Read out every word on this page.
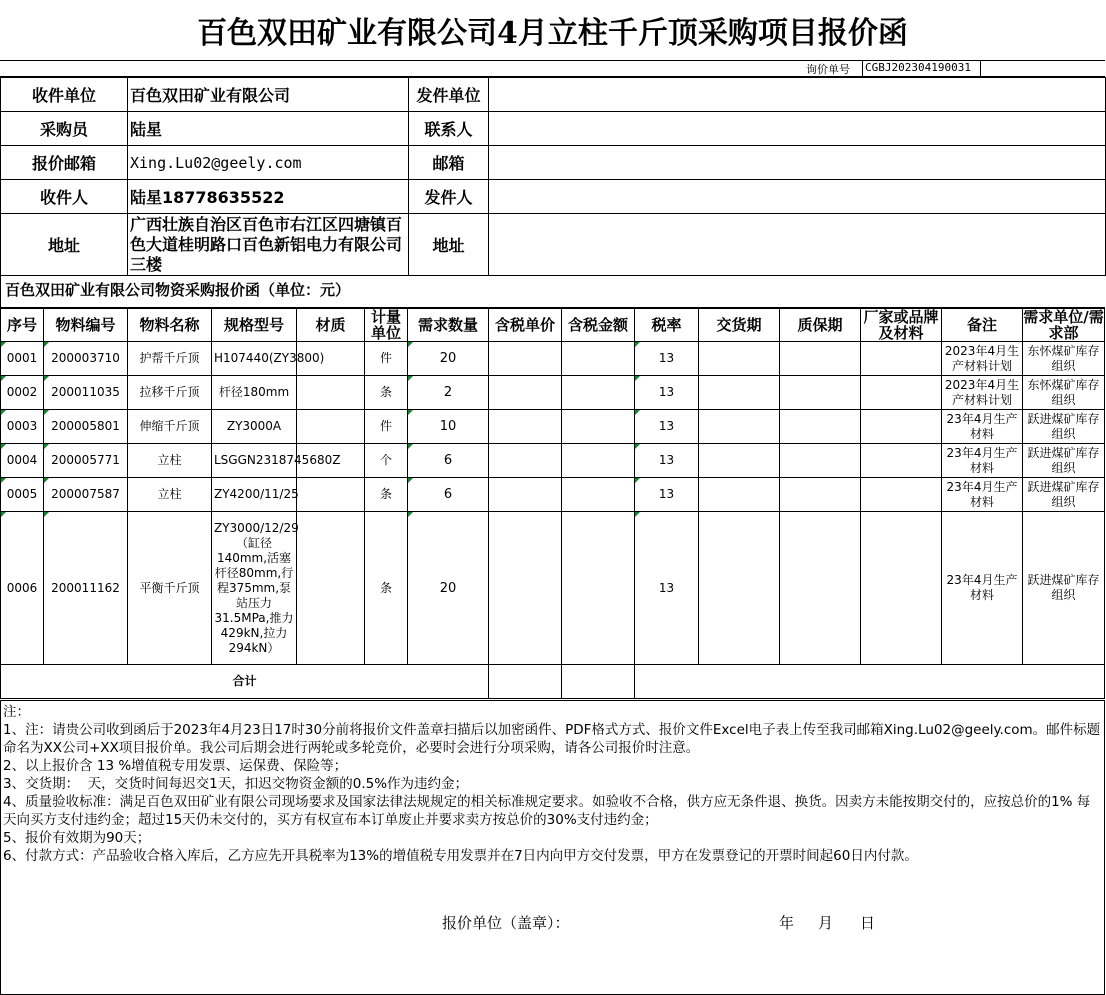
百色双田矿业有限公司4月立柱千斤顶采购项目报价函
询价单号 CGBJ202304190031
收件单位	百色双田矿业有限公司	发件单位	
采购员	陆星	联系人	
报价邮箱	Xing.Lu02@geely.com	邮箱	
收件人	陆星18778635522	发件人	
地址	广西壮族自治区百色市右江区四塘镇百色大道桂明路口百色新铝电力有限公司三楼	地址	
百色双田矿业有限公司物资采购报价函（单位：元）
序号	物料编号	物料名称	规格型号	材质	计量单位	需求数量	含税单价	含税金额	税率	交货期	质保期	厂家或品牌及材料	备注	需求单位/需求部
0001	200003710	护帮千斤顶	H107440(ZY3800)		件	20			13				2023年4月生产材料计划	东怀煤矿库存组织
0002	200011035	拉移千斤顶	杆径180mm		条	2			13				2023年4月生产材料计划	东怀煤矿库存组织
0003	200005801	伸缩千斤顶	ZY3000A		件	10			13				23年4月生产材料	跃进煤矿库存组织
0004	200005771	立柱	LSGGN2318745680Z		个	6			13				23年4月生产材料	跃进煤矿库存组织
0005	200007587	立柱	ZY4200/11/25		条	6			13				23年4月生产材料	跃进煤矿库存组织
0006	200011162	平衡千斤顶	ZY3000/12/29（缸径140mm,活塞杆径80mm,行程375mm,泵站压力31.5MPa,推力429kN,拉力294kN）		条	20			13				23年4月生产材料	跃进煤矿库存组织
合计														

注：

1、注：请贵公司收到函后于2023年4月23日17时30分前将报价文件盖章扫描后以加密函件、PDF格式方式、报价文件Excel电子表上传至我司邮箱Xing.Lu02@geely.com。邮件标题命名为XX公司+XX项目报价单。我公司后期会进行两轮或多轮竞价，必要时会进行分项采购，请各公司报价时注意。

2、以上报价含 13 %增值税专用发票、运保费、保险等；

3、交货期：  天，交货时间每迟交1天，扣迟交物资金额的0.5%作为违约金；

4、质量验收标准：满足百色双田矿业有限公司现场要求及国家法律法规规定的相关标准规定要求。如验收不合格，供方应无条件退、换货。因卖方未能按期交付的，应按总价的1% 每天向买方支付违约金；超过15天仍未交付的，买方有权宣布本订单废止并要求卖方按总价的30%支付违约金；

5、报价有效期为90天；

6、付款方式：产品验收合格入库后，乙方应先开具税率为13%的增值税专用发票并在7日内向甲方交付发票，甲方在发票登记的开票时间起60日内付款。

报价单位（盖章）：	年 月 日
